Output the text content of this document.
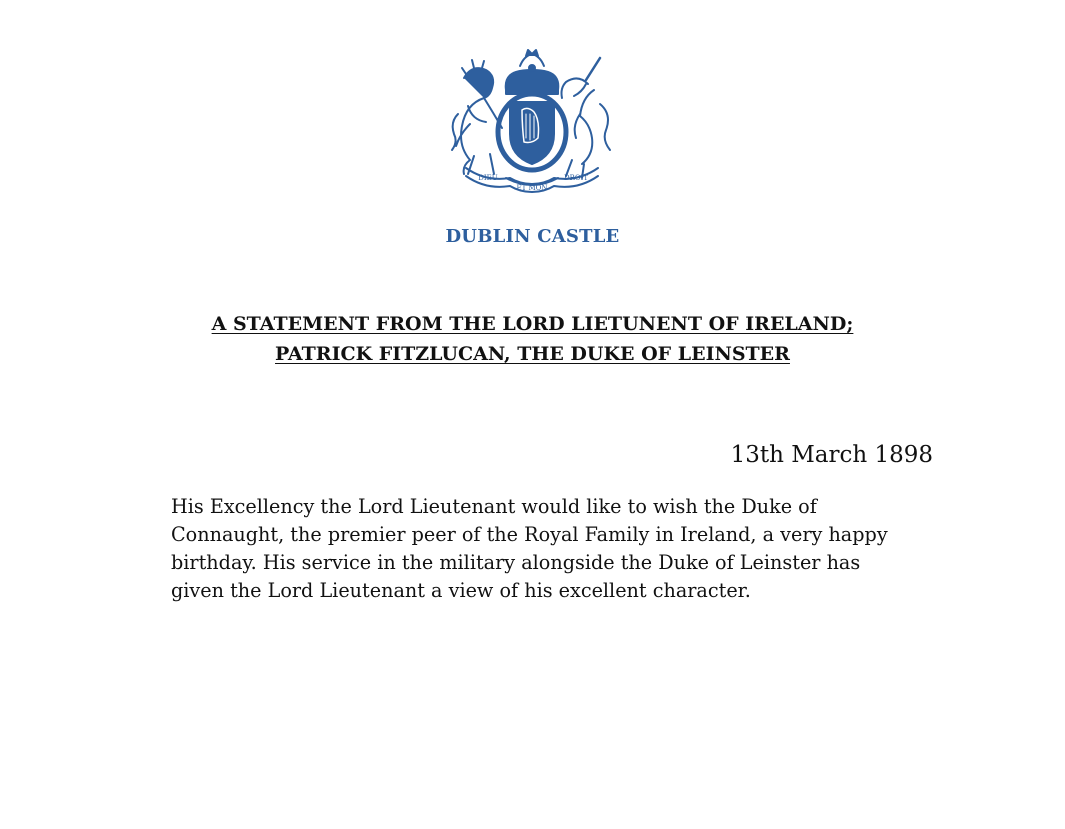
DIEU
ET MON
DROIT
DUBLIN CASTLE
A STATEMENT FROM THE LORD LIETUNENT OF IRELAND;
PATRICK FITZLUCAN, THE DUKE OF LEINSTER
13th March 1898

His Excellency the Lord Lieutenant would like to wish the Duke of Connaught, the premier peer of the Royal Family in Ireland, a very happy birthday. His service in the military alongside the Duke of Leinster has given the Lord Lieutenant a view of his excellent character.
